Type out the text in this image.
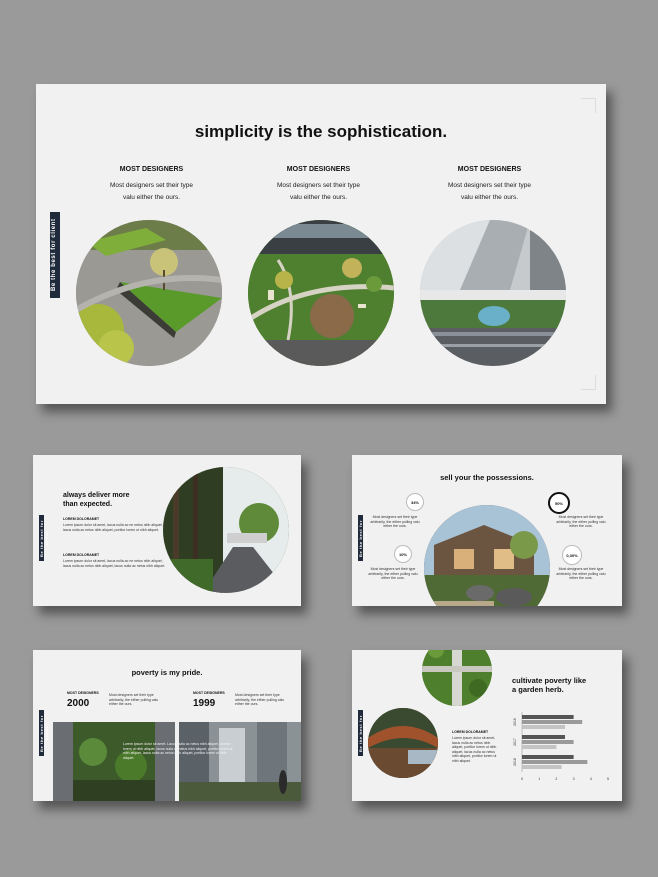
Be the best for client
simplicity is the sophistication.
MOST DESIGNERS
Most designers set their type
valu either the ours.
MOST DESIGNERS
Most designers set their type
valu either the ours.
MOST DESIGNERS
Most designers set their type
valu either the ours.
Be the best for client
always deliver more
than expected.
LOREM DOLORAMET
Lorem ipsum dolor sit amet, lacus nulla ac ne netus nibh aliquet, lacus nulla ac netus nibh aliquet, portitor lorem ut nibh aliquet.
LOREM DOLORAMET
Lorem ipsum dolor sit amet, lacus nulla ac ne netus nibh aliquet, lacus nulla ac netus nibh aliquet, lacus nulla ac netus nibh aliquet.
Be the best for client
sell your the possessions.
34%
Most designers set their type arbitrarily, the either pulling valu either the ours.
50%
Most designers set their type arbitrarily, the either pulling valu either the ours.
10%
Most designers set their type arbitrarily, the either pulling valu either the ours.
0,30%
Most designers set their type arbitrarily, the either pulling valu either the ours.
Be the best for client
poverty is my pride.
MOST DESIGNERS
2000
Most designers set their type arbitrarily, the either pulling valu either the ours.
MOST DESIGNERS
1999
Most designers set their type arbitrarily, the either pulling valu either the ours.
Lorem ipsum dolor sit amet. Lacus nulla ac netus nibh aliquet, portitor lorem ut nibh aliquet, lacus nulla ac netus nibh aliquet, portitor lorem ut nibh aliquet, lacus nulla ac netus nibh aliquet, portitor lorem ut nibh aliquet.
Be the best for client
cultivate poverty like
a garden herb.
LOREM DOLORAMET
Lorem ipsum dolor sit amet, lacus nulla ac netus nibh aliquet, portitor lorem ut nibh aliquet, lacus nulla ac netus nibh aliquet, portitor lorem ut nibh aliquet.
2016
2017
2018
0	1	2	3	4	5
